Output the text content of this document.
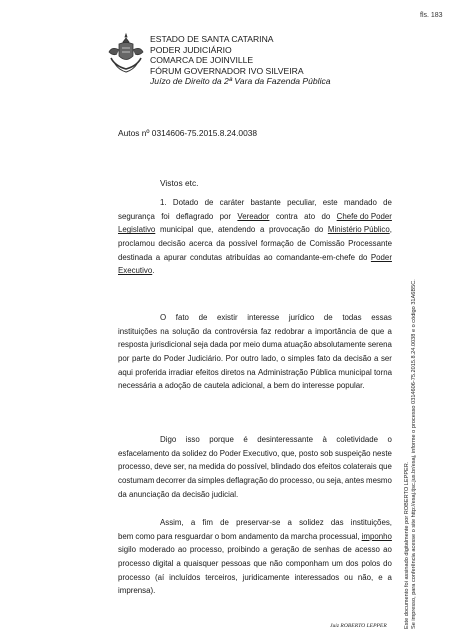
fls. 183
ESTADO DE SANTA CATARINA
PODER JUDICIÁRIO
COMARCA DE JOINVILLE
FÓRUM GOVERNADOR IVO SILVEIRA
Juízo de Direito da 2ª Vara da Fazenda Pública
Autos nº 0314606-75.2015.8.24.0038
Vistos etc.
1. Dotado de caráter bastante peculiar, este mandado de
segurança foi deflagrado por Vereador contra ato do Chefe do Poder
Legislativo municipal que, atendendo a provocação do Ministério Público,
proclamou decisão acerca da possível formação de Comissão Processante
destinada a apurar condutas atribuídas ao comandante-em-chefe do Poder
Executivo.
O fato de existir interesse jurídico de todas essas
instituições na solução da controvérsia faz redobrar a importância de que a
resposta jurisdicional seja dada por meio duma atuação absolutamente serena
por parte do Poder Judiciário. Por outro lado, o simples fato da decisão a ser
aqui proferida irradiar efeitos diretos na Administração Pública municipal torna
necessária a adoção de cautela adicional, a bem do interesse popular.
Digo isso porque é desinteressante à coletividade o
esfacelamento da solidez do Poder Executivo, que, posto sob suspeição neste
processo, deve ser, na medida do possível, blindado dos efeitos colaterais que
costumam decorrer da simples deflagração do processo, ou seja, antes mesmo
da anunciação da decisão judicial.
Assim, a fim de preservar-se a solidez das instituições,
bem como para resguardar o bom andamento da marcha processual, imponho
sigilo moderado ao processo, proibindo a geração de senhas de acesso ao
processo digital a quaisquer pessoas que não componham um dos polos do
processo (aí incluídos terceiros, juridicamente interessados ou não, e a
imprensa).
Juiz ROBERTO LEPPER	Este documento foi assinado digitalmente por ROBERTO LEPPER. Se impresso, para conferência acesse o site http://esaj.tjsc.jus.br/esaj, informe o processo 0314606-75.2015.8.24.0038 e o código 31A6B5C.
